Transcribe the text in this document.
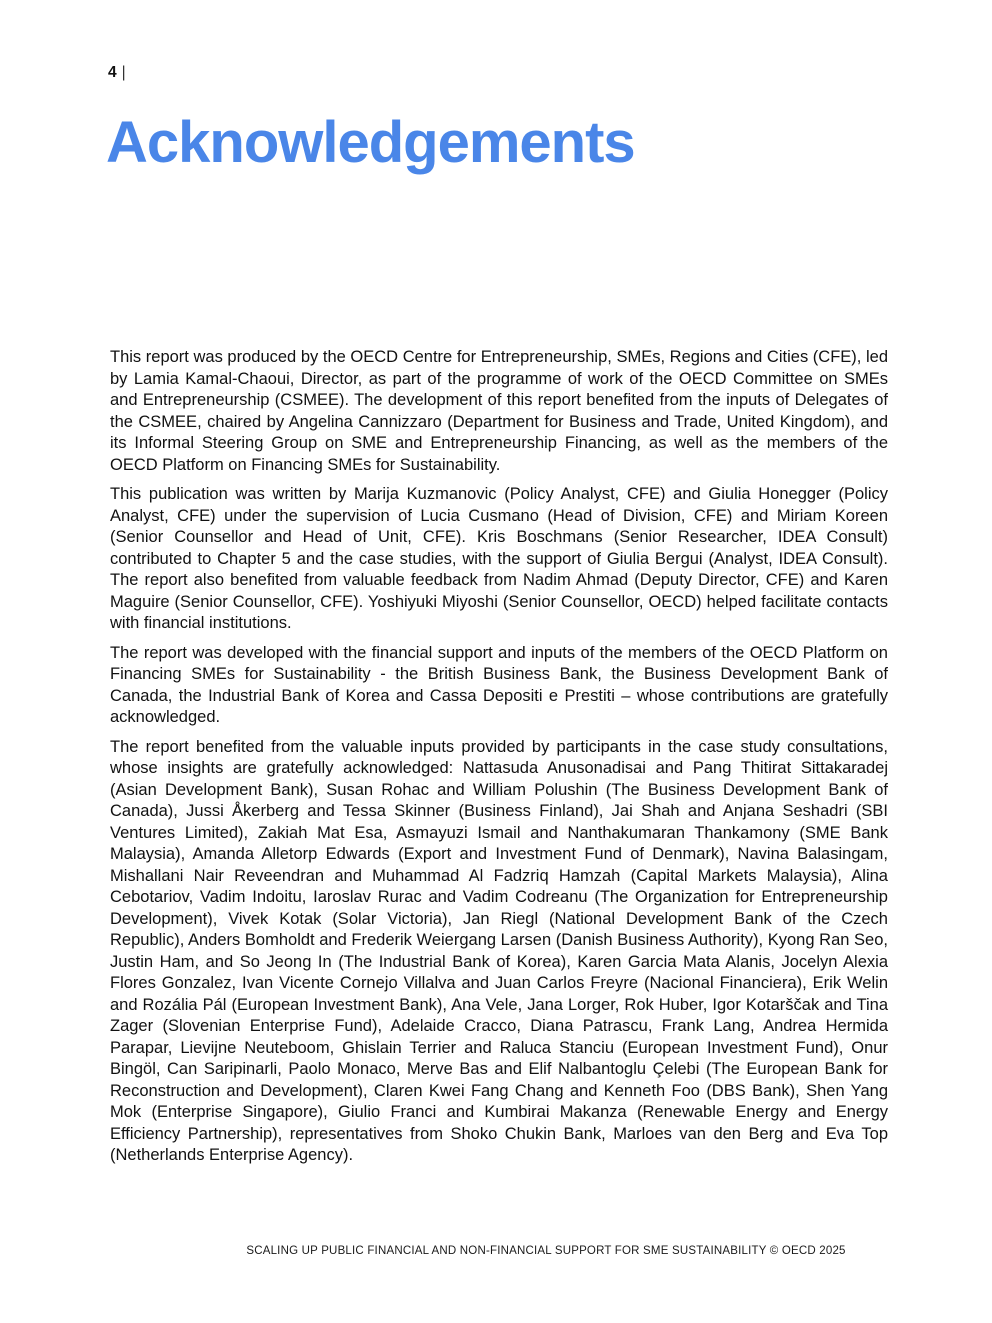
4 |
Acknowledgements

This report was produced by the OECD Centre for Entrepreneurship, SMEs, Regions and Cities (CFE), led by Lamia Kamal-Chaoui, Director, as part of the programme of work of the OECD Committee on SMEs and Entrepreneurship (CSMEE). The development of this report benefited from the inputs of Delegates of the CSMEE, chaired by Angelina Cannizzaro (Department for Business and Trade, United Kingdom), and its Informal Steering Group on SME and Entrepreneurship Financing, as well as the members of the OECD Platform on Financing SMEs for Sustainability.

This publication was written by Marija Kuzmanovic (Policy Analyst, CFE) and Giulia Honegger (Policy Analyst, CFE) under the supervision of Lucia Cusmano (Head of Division, CFE) and Miriam Koreen (Senior Counsellor and Head of Unit, CFE). Kris Boschmans (Senior Researcher, IDEA Consult) contributed to Chapter 5 and the case studies, with the support of Giulia Bergui (Analyst, IDEA Consult). The report also benefited from valuable feedback from Nadim Ahmad (Deputy Director, CFE) and Karen Maguire (Senior Counsellor, CFE). Yoshiyuki Miyoshi (Senior Counsellor, OECD) helped facilitate contacts with financial institutions.

The report was developed with the financial support and inputs of the members of the OECD Platform on Financing SMEs for Sustainability - the British Business Bank, the Business Development Bank of Canada, the Industrial Bank of Korea and Cassa Depositi e Prestiti – whose contributions are gratefully acknowledged.

The report benefited from the valuable inputs provided by participants in the case study consultations, whose insights are gratefully acknowledged: Nattasuda Anusonadisai and Pang Thitirat Sittakaradej (Asian Development Bank), Susan Rohac and William Polushin (The Business Development Bank of Canada), Jussi Åkerberg and Tessa Skinner (Business Finland), Jai Shah and Anjana Seshadri (SBI Ventures Limited), Zakiah Mat Esa, Asmayuzi Ismail and Nanthakumaran Thankamony (SME Bank Malaysia), Amanda Alletorp Edwards (Export and Investment Fund of Denmark), Navina Balasingam, Mishallani Nair Reveendran and Muhammad Al Fadzriq Hamzah (Capital Markets Malaysia), Alina Cebotariov, Vadim Indoitu, Iaroslav Rurac and Vadim Codreanu (The Organization for Entrepreneurship Development), Vivek Kotak (Solar Victoria), Jan Riegl (National Development Bank of the Czech Republic), Anders Bomholdt and Frederik Weiergang Larsen (Danish Business Authority), Kyong Ran Seo, Justin Ham, and So Jeong In (The Industrial Bank of Korea), Karen Garcia Mata Alanis, Jocelyn Alexia Flores Gonzalez, Ivan Vicente Cornejo Villalva and Juan Carlos Freyre (Nacional Financiera), Erik Welin and Rozália Pál (European Investment Bank), Ana Vele, Jana Lorger, Rok Huber, Igor Kotarščak and Tina Zager (Slovenian Enterprise Fund), Adelaide Cracco, Diana Patrascu, Frank Lang, Andrea Hermida Parapar, Lievijne Neuteboom, Ghislain Terrier and Raluca Stanciu (European Investment Fund), Onur Bingöl, Can Saripinarli, Paolo Monaco, Merve Bas and Elif Nalbantoglu Çelebi (The European Bank for Reconstruction and Development), Claren Kwei Fang Chang and Kenneth Foo (DBS Bank), Shen Yang Mok (Enterprise Singapore), Giulio Franci and Kumbirai Makanza (Renewable Energy and Energy Efficiency Partnership), representatives from Shoko Chukin Bank, Marloes van den Berg and Eva Top (Netherlands Enterprise Agency).

SCALING UP PUBLIC FINANCIAL AND NON-FINANCIAL SUPPORT FOR SME SUSTAINABILITY © OECD 2025
